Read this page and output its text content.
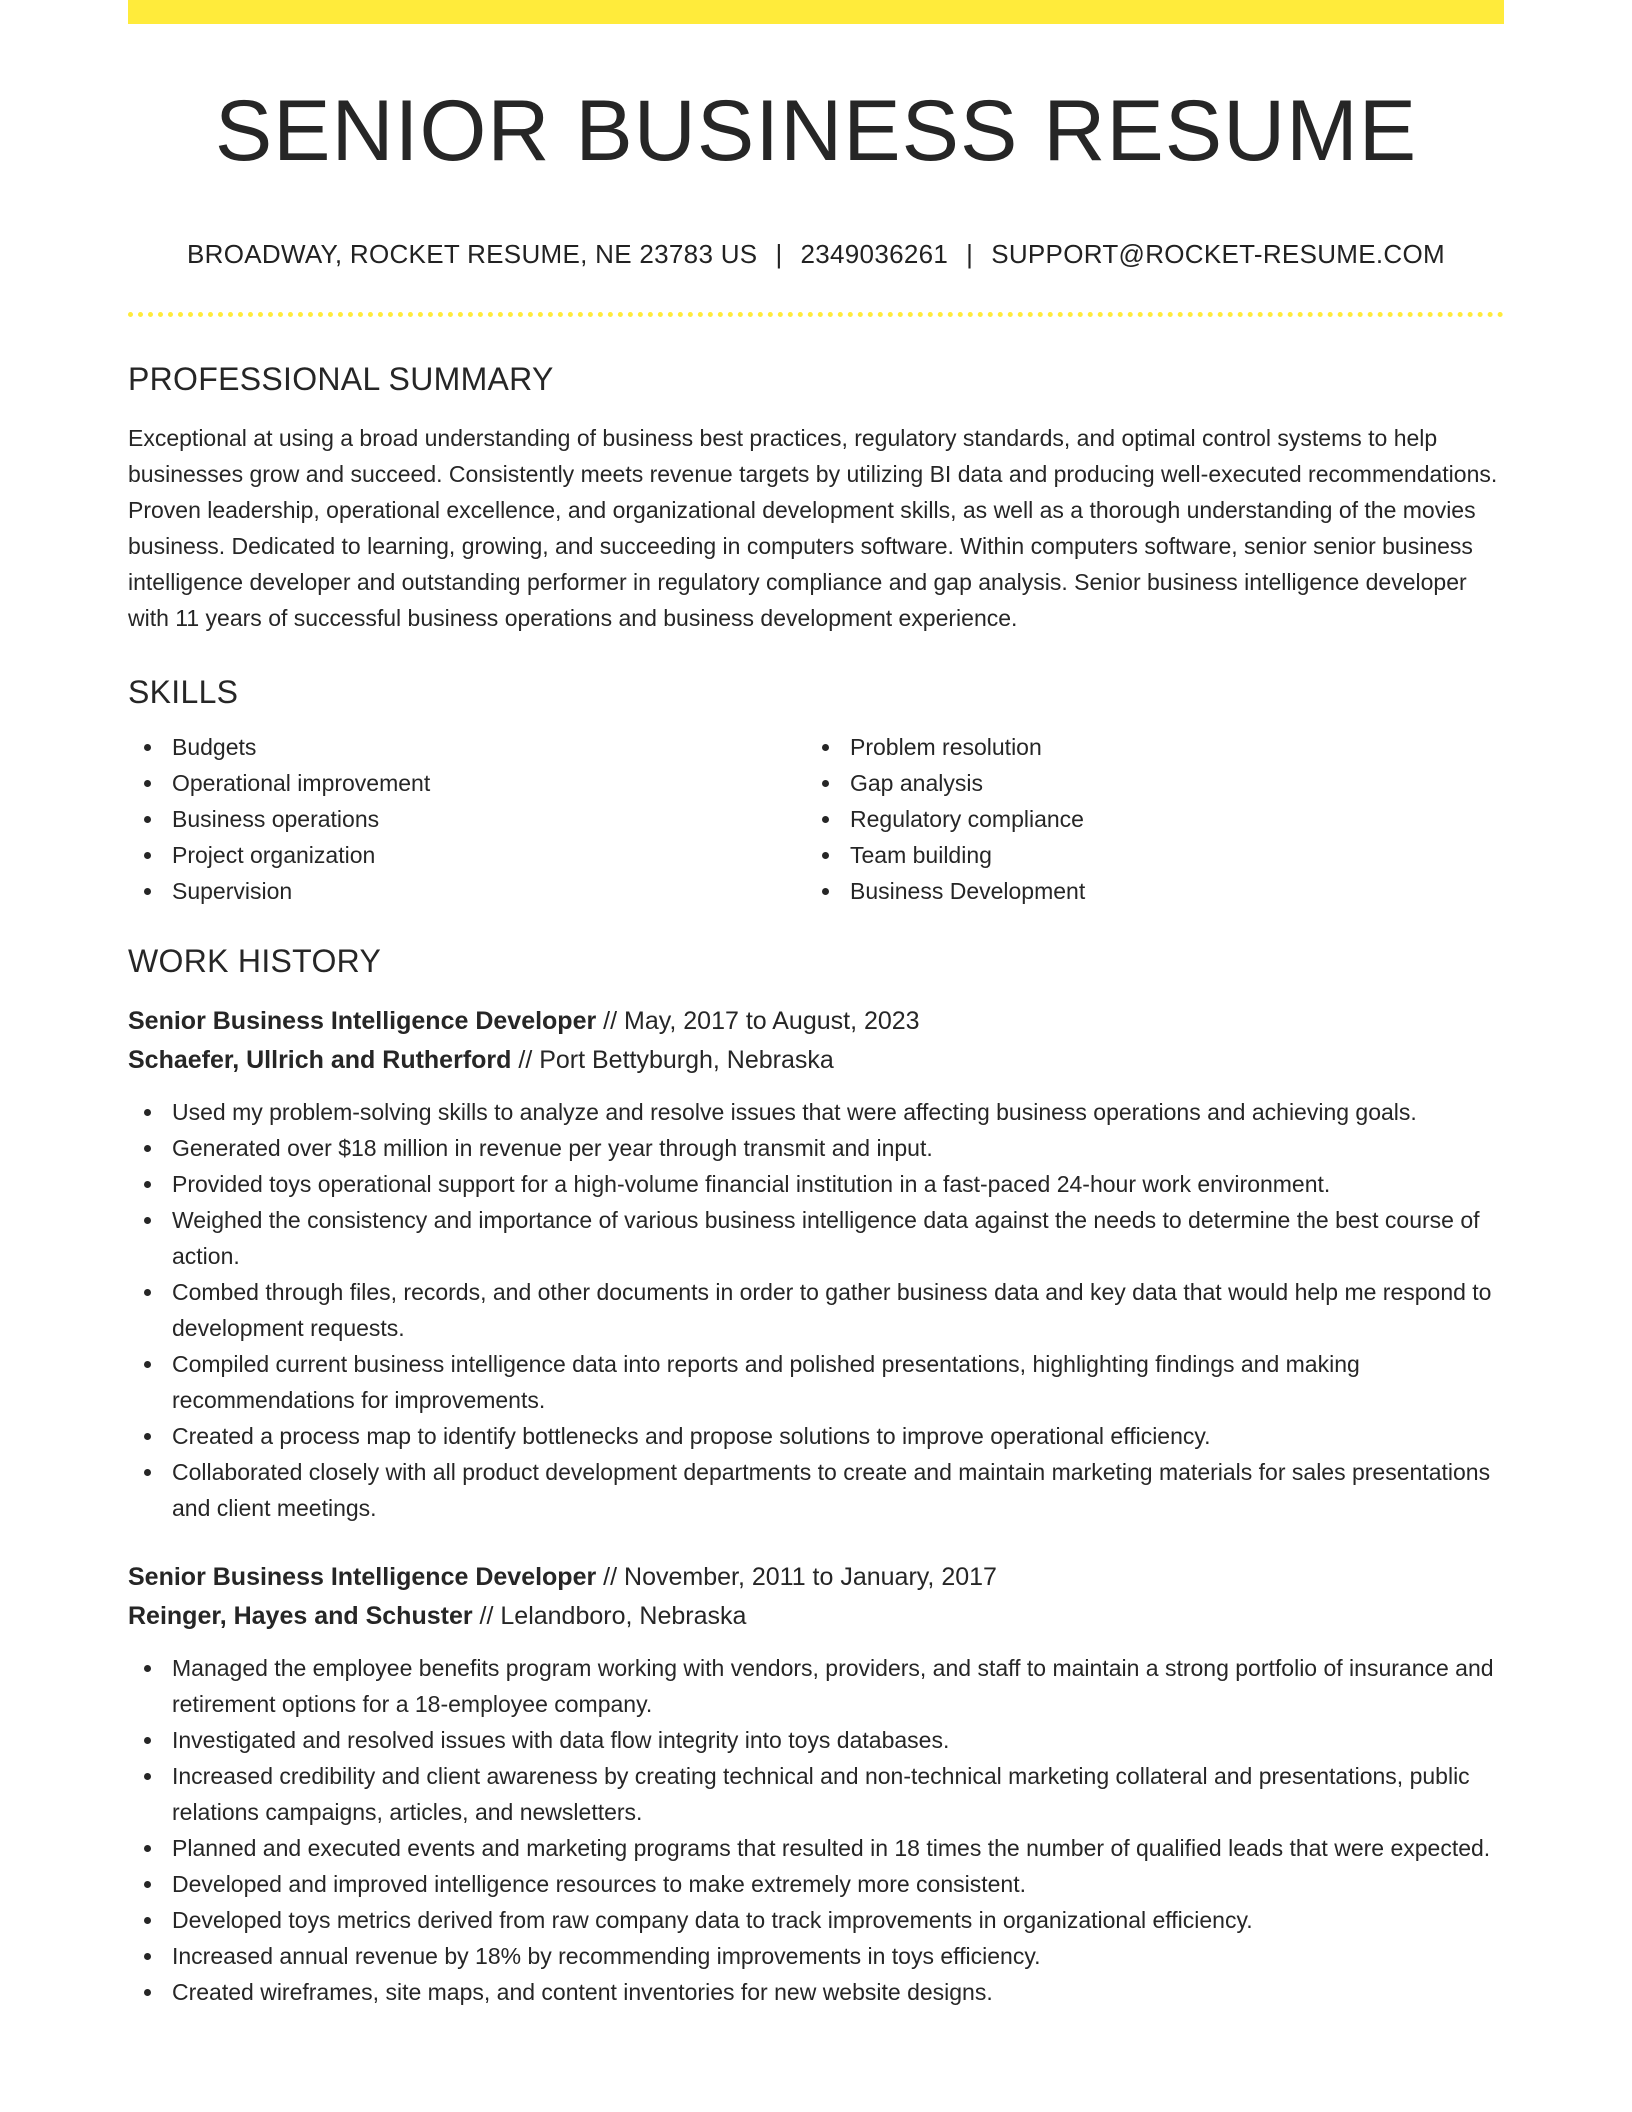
SENIOR BUSINESS RESUME
BROADWAY, ROCKET RESUME, NE 23783 US | 2349036261 | SUPPORT@ROCKET-RESUME.COM
PROFESSIONAL SUMMARY

Exceptional at using a broad understanding of business best practices, regulatory standards, and optimal control systems to help businesses grow and succeed. Consistently meets revenue targets by utilizing BI data and producing well-executed recommendations. Proven leadership, operational excellence, and organizational development skills, as well as a thorough understanding of the movies business. Dedicated to learning, growing, and succeeding in computers software. Within computers software, senior senior business intelligence developer and outstanding performer in regulatory compliance and gap analysis. Senior business intelligence developer with 11 years of successful business operations and business development experience.

SKILLS
Budgets
Operational improvement
Business operations
Project organization
Supervision
Problem resolution
Gap analysis
Regulatory compliance
Team building
Business Development
WORK HISTORY
Senior Business Intelligence Developer // May, 2017 to August, 2023
Schaefer, Ullrich and Rutherford // Port Bettyburgh, Nebraska
Used my problem-solving skills to analyze and resolve issues that were affecting business operations and achieving goals.
Generated over $18 million in revenue per year through transmit and input.
Provided toys operational support for a high-volume financial institution in a fast-paced 24-hour work environment.
Weighed the consistency and importance of various business intelligence data against the needs to determine the best course of action.
Combed through files, records, and other documents in order to gather business data and key data that would help me respond to development requests.
Compiled current business intelligence data into reports and polished presentations, highlighting findings and making recommendations for improvements.
Created a process map to identify bottlenecks and propose solutions to improve operational efficiency.
Collaborated closely with all product development departments to create and maintain marketing materials for sales presentations and client meetings.
Senior Business Intelligence Developer // November, 2011 to January, 2017
Reinger, Hayes and Schuster // Lelandboro, Nebraska
Managed the employee benefits program working with vendors, providers, and staff to maintain a strong portfolio of insurance and retirement options for a 18-employee company.
Investigated and resolved issues with data flow integrity into toys databases.
Increased credibility and client awareness by creating technical and non-technical marketing collateral and presentations, public relations campaigns, articles, and newsletters.
Planned and executed events and marketing programs that resulted in 18 times the number of qualified leads that were expected.
Developed and improved intelligence resources to make extremely more consistent.
Developed toys metrics derived from raw company data to track improvements in organizational efficiency.
Increased annual revenue by 18% by recommending improvements in toys efficiency.
Created wireframes, site maps, and content inventories for new website designs.
